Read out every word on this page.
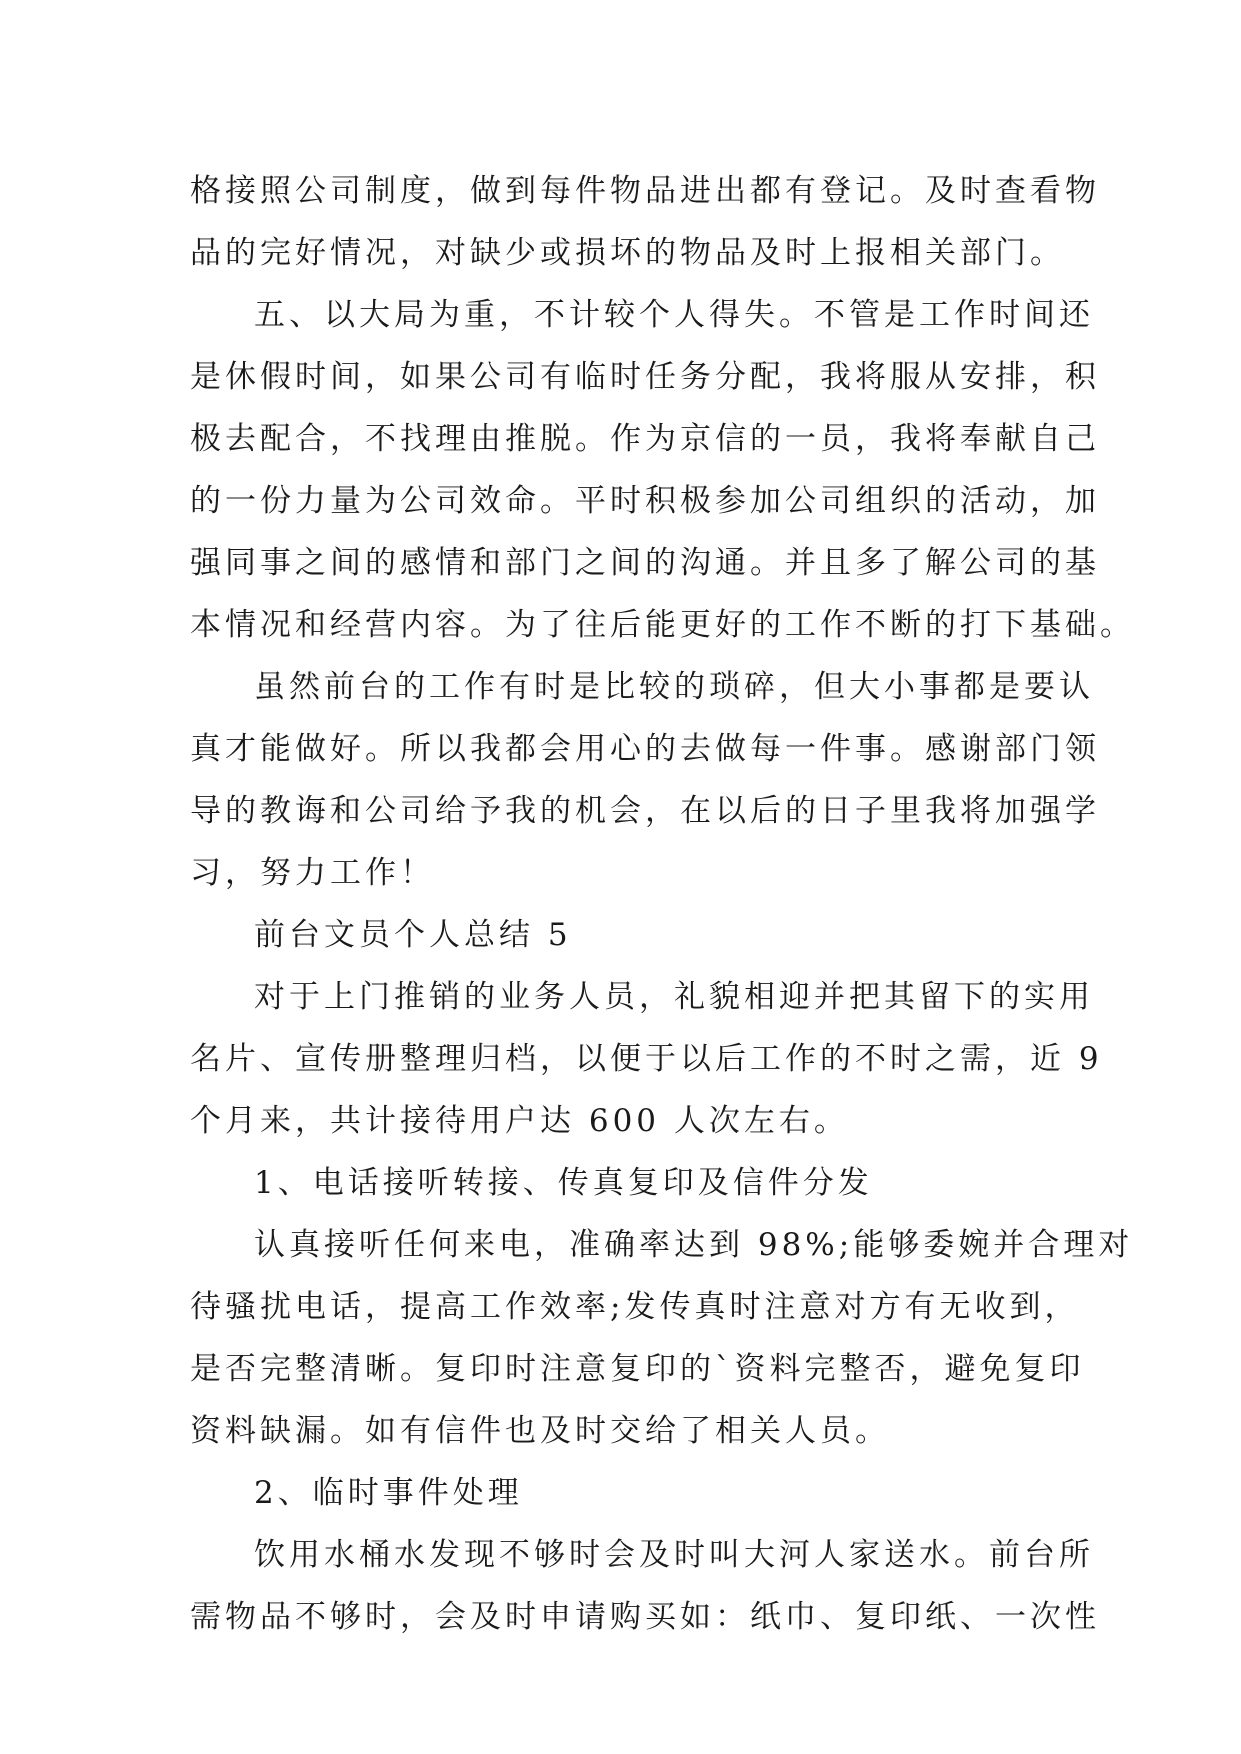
格接照公司制度，做到每件物品进出都有登记。及时查看物
品的完好情况，对缺少或损坏的物品及时上报相关部门。
五、以大局为重，不计较个人得失。不管是工作时间还
是休假时间，如果公司有临时任务分配，我将服从安排，积
极去配合，不找理由推脱。作为京信的一员，我将奉献自己
的一份力量为公司效命。平时积极参加公司组织的活动，加
强同事之间的感情和部门之间的沟通。并且多了解公司的基
本情况和经营内容。为了往后能更好的工作不断的打下基础。
虽然前台的工作有时是比较的琐碎，但大小事都是要认
真才能做好。所以我都会用心的去做每一件事。感谢部门领
导的教诲和公司给予我的机会，在以后的日子里我将加强学
习，努力工作！
前台文员个人总结 5
对于上门推销的业务人员，礼貌相迎并把其留下的实用
名片、宣传册整理归档，以便于以后工作的不时之需，近 9
个月来，共计接待用户达 600 人次左右。
1、电话接听转接、传真复印及信件分发
认真接听任何来电，准确率达到 98%;能够委婉并合理对
待骚扰电话，提高工作效率;发传真时注意对方有无收到，
是否完整清晰。复印时注意复印的`资料完整否，避免复印
资料缺漏。如有信件也及时交给了相关人员。
2、临时事件处理
饮用水桶水发现不够时会及时叫大河人家送水。前台所
需物品不够时，会及时申请购买如：纸巾、复印纸、一次性
